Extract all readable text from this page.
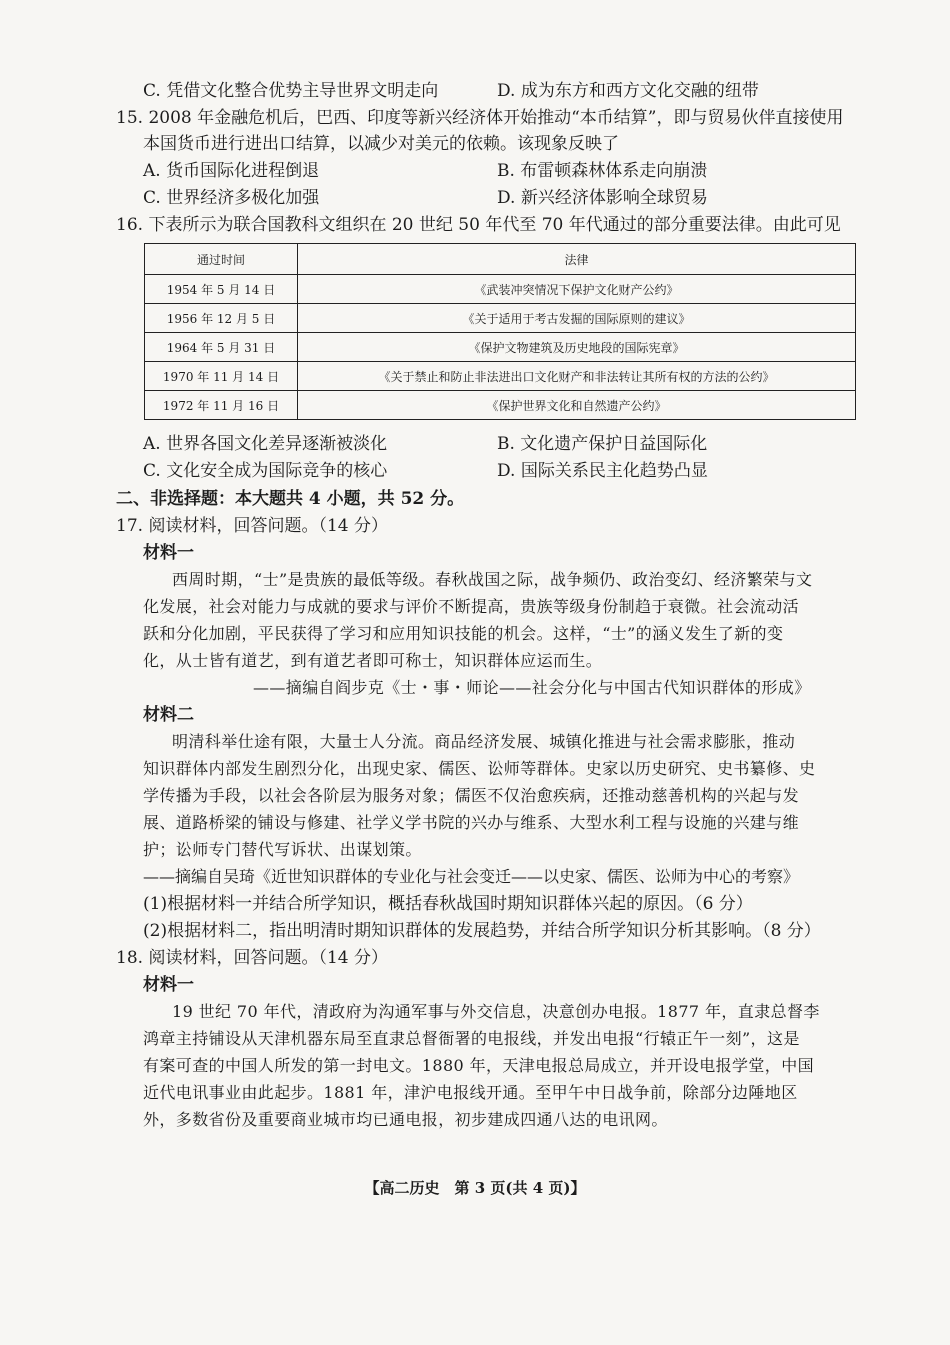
C. 凭借文化整合优势主导世界文明走向	D. 成为东方和西方文化交融的纽带
15. 2008 年金融危机后，巴西、印度等新兴经济体开始推动“本币结算”，即与贸易伙伴直接使用
本国货币进行进出口结算，以减少对美元的依赖。该现象反映了
A. 货币国际化进程倒退	B. 布雷顿森林体系走向崩溃
C. 世界经济多极化加强	D. 新兴经济体影响全球贸易
16. 下表所示为联合国教科文组织在 20 世纪 50 年代至 70 年代通过的部分重要法律。由此可见
通过时间	法律
1954 年 5 月 14 日	《武装冲突情况下保护文化财产公约》
1956 年 12 月 5 日	《关于适用于考古发掘的国际原则的建议》
1964 年 5 月 31 日	《保护文物建筑及历史地段的国际宪章》
1970 年 11 月 14 日	《关于禁止和防止非法进出口文化财产和非法转让其所有权的方法的公约》
1972 年 11 月 16 日	《保护世界文化和自然遗产公约》
A. 世界各国文化差异逐渐被淡化	B. 文化遗产保护日益国际化
C. 文化安全成为国际竞争的核心	D. 国际关系民主化趋势凸显
二、非选择题：本大题共 4 小题，共 52 分。
17. 阅读材料，回答问题。（14 分）
材料一
西周时期，“士”是贵族的最低等级。春秋战国之际，战争频仍、政治变幻、经济繁荣与文
化发展，社会对能力与成就的要求与评价不断提高，贵族等级身份制趋于衰微。社会流动活
跃和分化加剧，平民获得了学习和应用知识技能的机会。这样，“士”的涵义发生了新的变
化，从士皆有道艺，到有道艺者即可称士，知识群体应运而生。
——摘编自阎步克《士・事・师论——社会分化与中国古代知识群体的形成》
材料二
明清科举仕途有限，大量士人分流。商品经济发展、城镇化推进与社会需求膨胀，推动
知识群体内部发生剧烈分化，出现史家、儒医、讼师等群体。史家以历史研究、史书纂修、史
学传播为手段，以社会各阶层为服务对象；儒医不仅治愈疾病，还推动慈善机构的兴起与发
展、道路桥梁的铺设与修建、社学义学书院的兴办与维系、大型水利工程与设施的兴建与维
护；讼师专门替代写诉状、出谋划策。
——摘编自吴琦《近世知识群体的专业化与社会变迁——以史家、儒医、讼师为中心的考察》
(1)根据材料一并结合所学知识，概括春秋战国时期知识群体兴起的原因。（6 分）
(2)根据材料二，指出明清时期知识群体的发展趋势，并结合所学知识分析其影响。（8 分）
18. 阅读材料，回答问题。（14 分）
材料一
19 世纪 70 年代，清政府为沟通军事与外交信息，决意创办电报。1877 年，直隶总督李
鸿章主持铺设从天津机器东局至直隶总督衙署的电报线，并发出电报“行辕正午一刻”，这是
有案可查的中国人所发的第一封电文。1880 年，天津电报总局成立，并开设电报学堂，中国
近代电讯事业由此起步。1881 年，津沪电报线开通。至甲午中日战争前，除部分边陲地区
外，多数省份及重要商业城市均已通电报，初步建成四通八达的电讯网。
【高二历史　第 3 页(共 4 页)】
